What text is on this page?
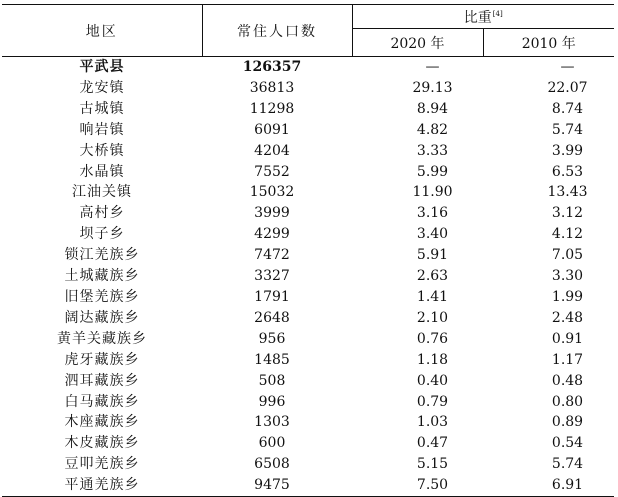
地区	常住人口数	比重[4]
		2020 年	2010 年
平武县	126357	—	—
龙安镇	36813	29.13	22.07
古城镇	11298	8.94	8.74
响岩镇	6091	4.82	5.74
大桥镇	4204	3.33	3.99
水晶镇	7552	5.99	6.53
江油关镇	15032	11.90	13.43
高村乡	3999	3.16	3.12
坝子乡	4299	3.40	4.12
锁江羌族乡	7472	5.91	7.05
土城藏族乡	3327	2.63	3.30
旧堡羌族乡	1791	1.41	1.99
阔达藏族乡	2648	2.10	2.48
黄羊关藏族乡	956	0.76	0.91
虎牙藏族乡	1485	1.18	1.17
泗耳藏族乡	508	0.40	0.48
白马藏族乡	996	0.79	0.80
木座藏族乡	1303	1.03	0.89
木皮藏族乡	600	0.47	0.54
豆叩羌族乡	6508	5.15	5.74
平通羌族乡	9475	7.50	6.91
